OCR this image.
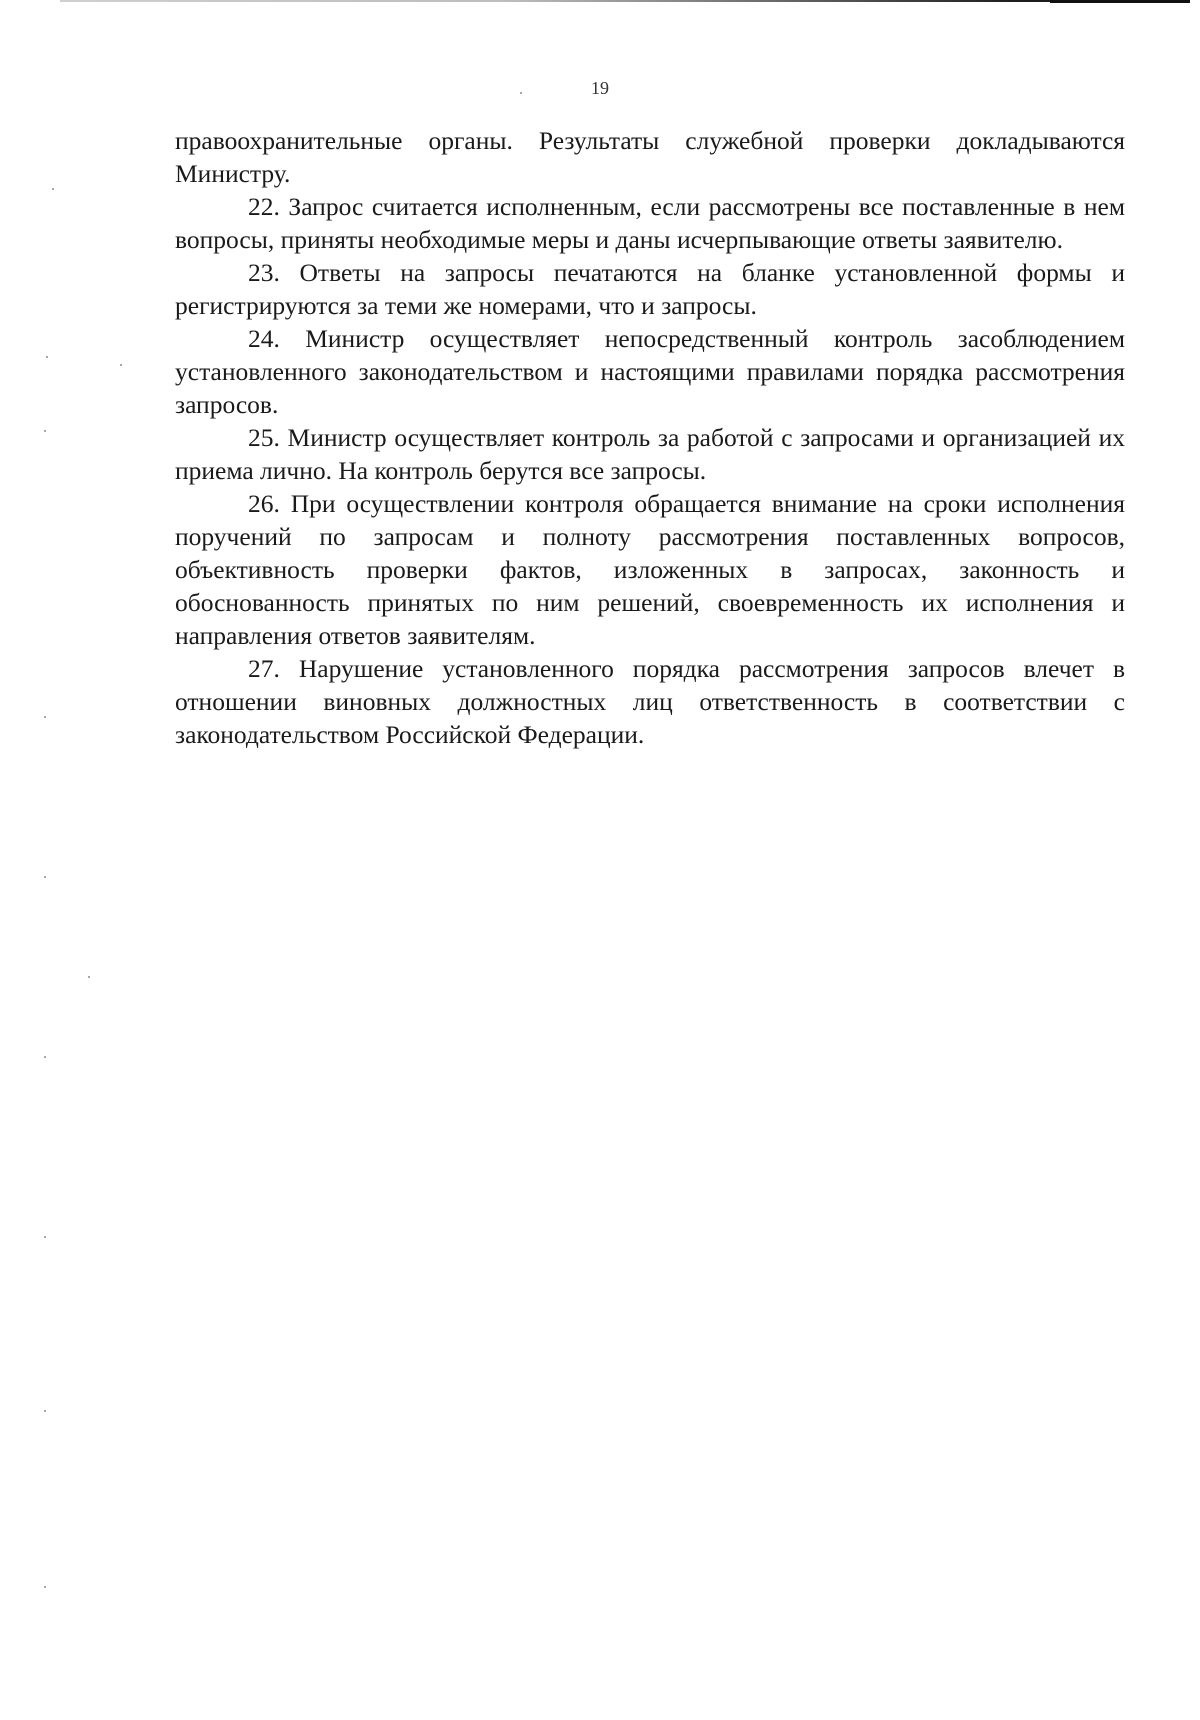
19

правоохранительные органы. Результаты служебной проверки докладываются Министру.

22. Запрос считается исполненным, если рассмотрены все поставленные в нем вопросы, приняты необходимые меры и даны исчерпывающие ответы заявителю.

23. Ответы на запросы печатаются на бланке установленной формы и регистрируются за теми же номерами, что и запросы.

24. Министр осуществляет непосредственный контроль засоблюдением установленного законодательством и настоящими правилами порядка рассмотрения запросов.

25. Министр осуществляет контроль за работой с запросами и организацией их приема лично. На контроль берутся все запросы.

26. При осуществлении контроля обращается внимание на сроки исполнения поручений по запросам и полноту рассмотрения поставленных вопросов, объективность проверки фактов, изложенных в запросах, законность и обоснованность принятых по ним решений, своевременность их исполнения и направления ответов заявителям.

27. Нарушение установленного порядка рассмотрения запросов влечет в отношении виновных должностных лиц ответственность в соответствии с законодательством Российской Федерации.
